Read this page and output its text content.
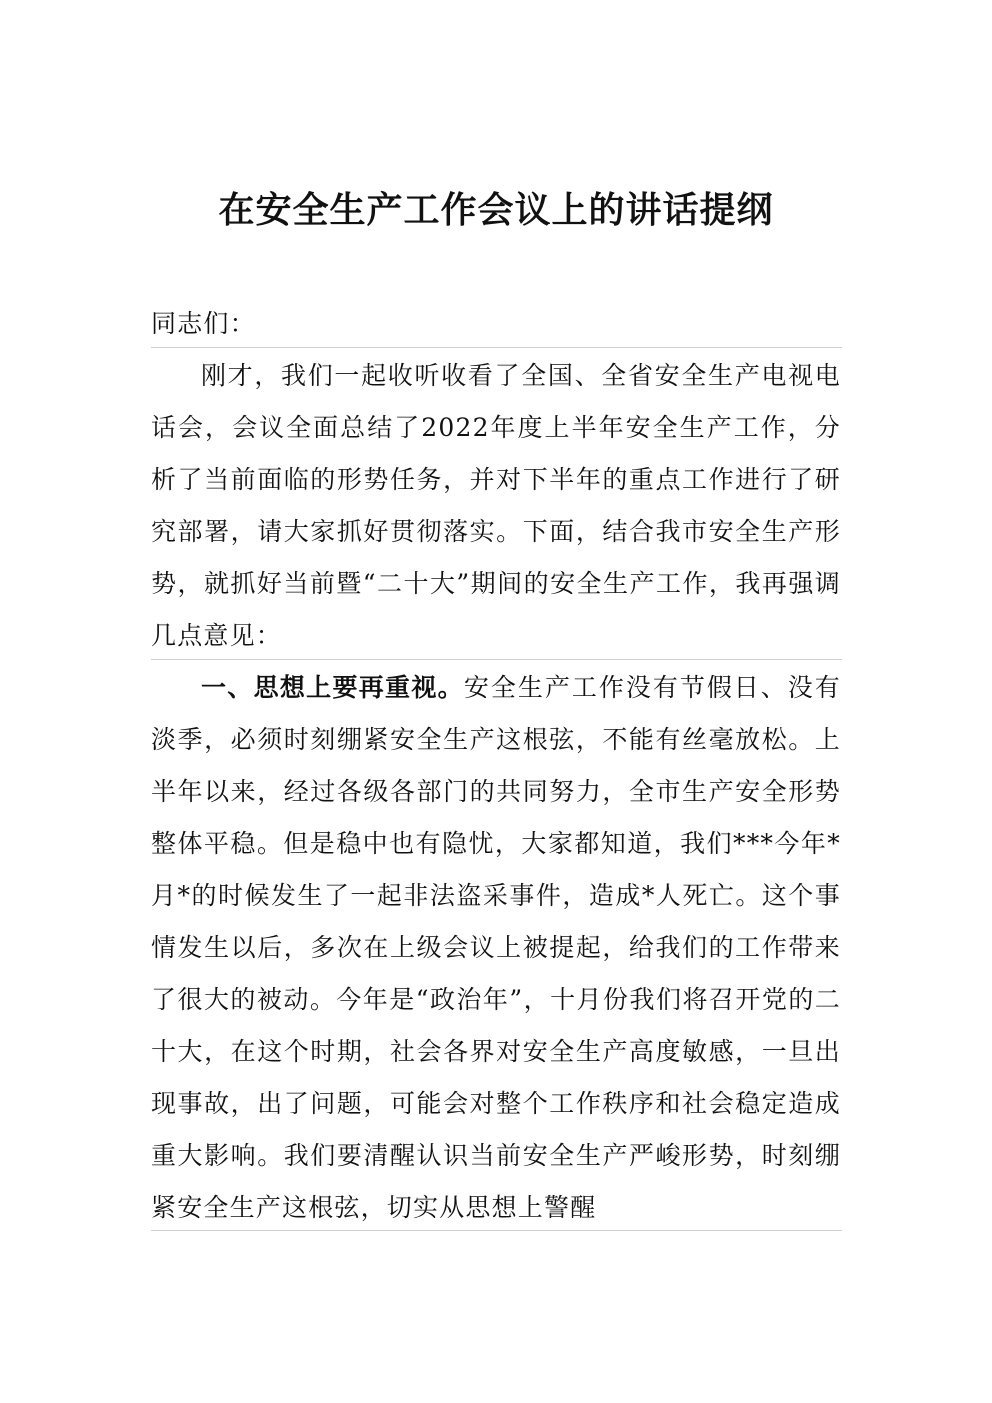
在安全生产工作会议上的讲话提纲
同志们：

刚才，我们一起收听收看了全国、全省安全生产电视电话会，会议全面总结了2022年度上半年安全生产工作，分析了当前面临的形势任务，并对下半年的重点工作进行了研究部署，请大家抓好贯彻落实。下面，结合我市安全生产形势，就抓好当前暨“二十大”期间的安全生产工作，我再强调几点意见：

一、思想上要再重视。安全生产工作没有节假日、没有淡季，必须时刻绷紧安全生产这根弦，不能有丝毫放松。上半年以来，经过各级各部门的共同努力，全市生产安全形势整体平稳。但是稳中也有隐忧，大家都知道，我们***今年*月*的时候发生了一起非法盗采事件，造成*人死亡。这个事情发生以后，多次在上级会议上被提起，给我们的工作带来了很大的被动。今年是“政治年”，十月份我们将召开党的二十大，在这个时期，社会各界对安全生产高度敏感，一旦出现事故，出了问题，可能会对整个工作秩序和社会稳定造成重大影响。我们要清醒认识当前安全生产严峻形势，时刻绷紧安全生产这根弦，切实从思想上警醒
